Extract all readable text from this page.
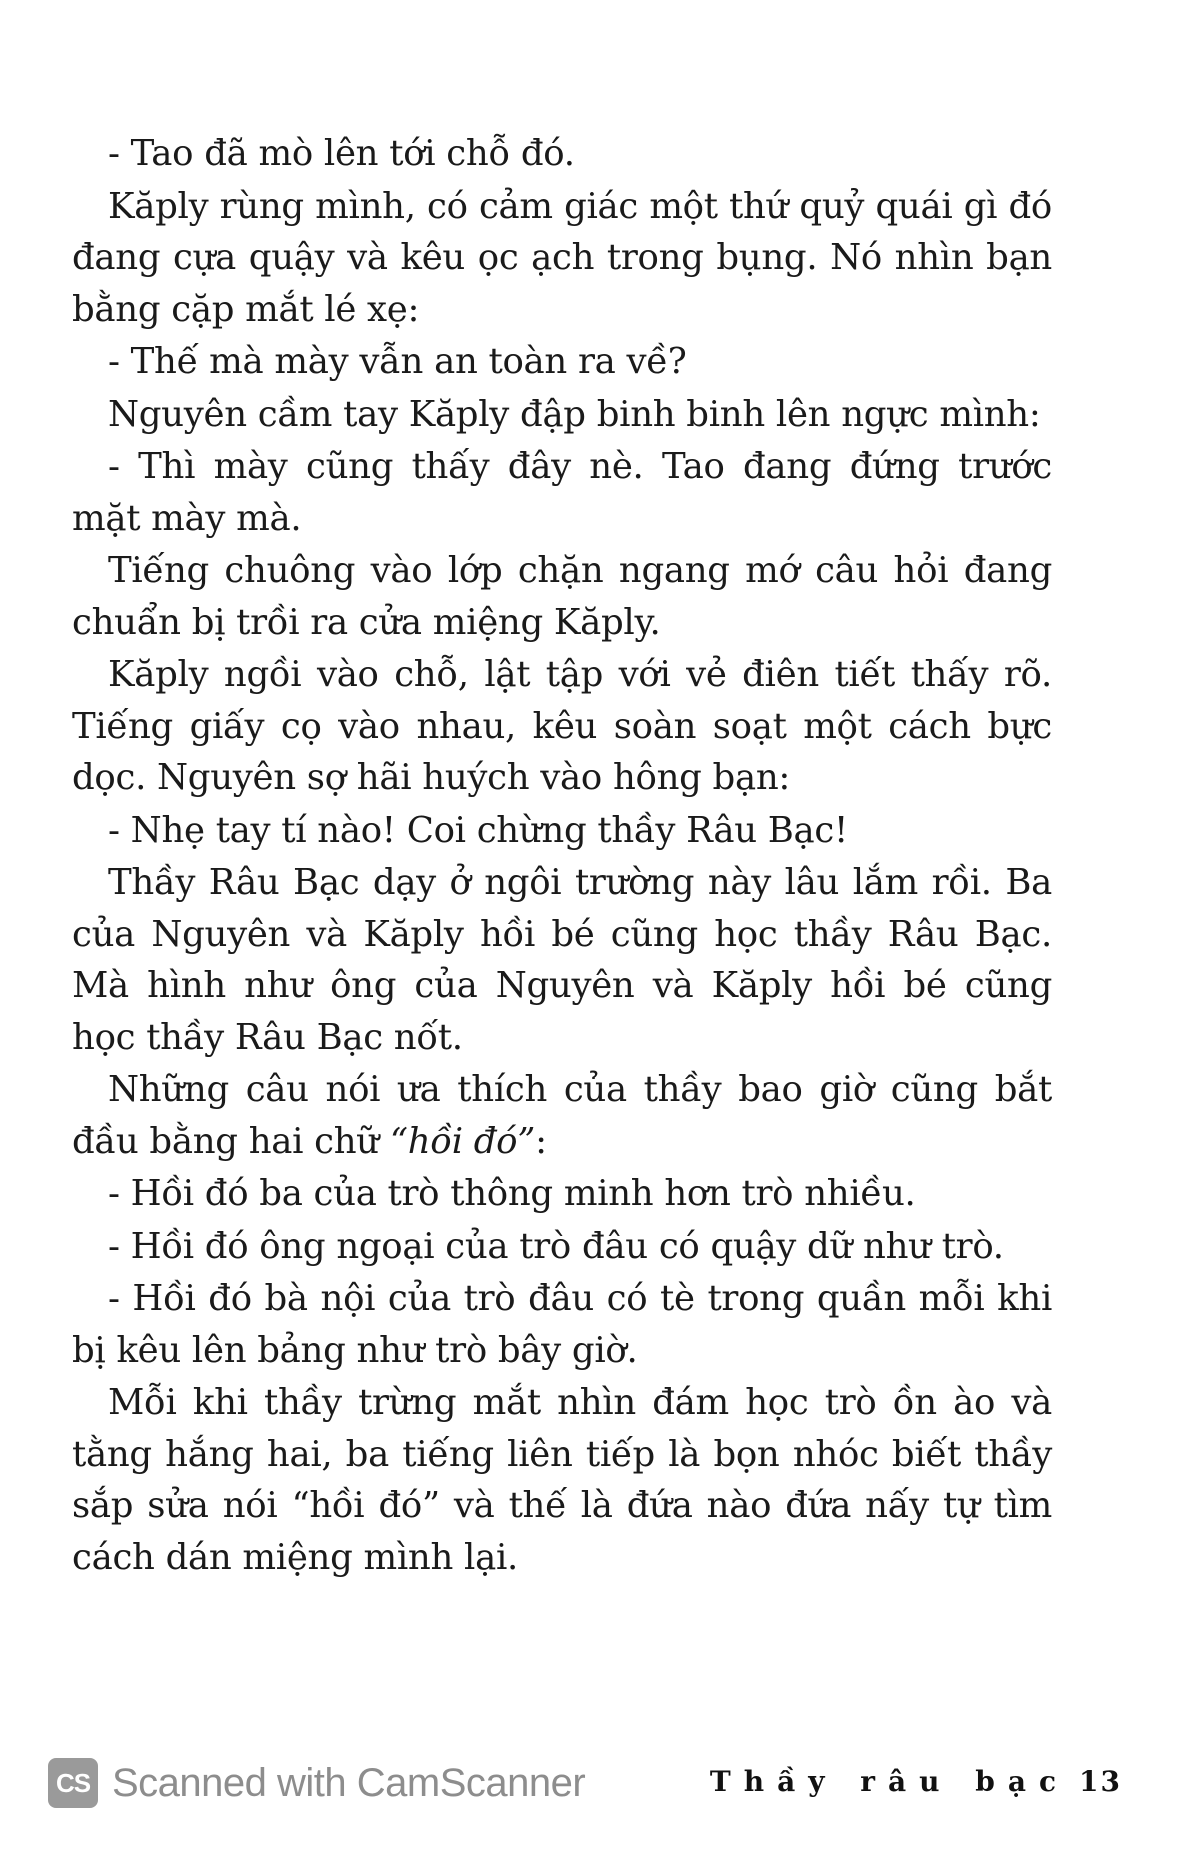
- Tao đã mò lên tới chỗ đó.

Kăply rùng mình, có cảm giác một thứ quỷ quái gì đó đang cựa quậy và kêu ọc ạch trong bụng. Nó nhìn bạn bằng cặp mắt lé xẹ:

- Thế mà mày vẫn an toàn ra về?

Nguyên cầm tay Kăply đập binh binh lên ngực mình:

- Thì mày cũng thấy đây nè. Tao đang đứng trước mặt mày mà.

Tiếng chuông vào lớp chặn ngang mớ câu hỏi đang chuẩn bị trồi ra cửa miệng Kăply.

Kăply ngồi vào chỗ, lật tập với vẻ điên tiết thấy rõ. Tiếng giấy cọ vào nhau, kêu soàn soạt một cách bực dọc. Nguyên sợ hãi huých vào hông bạn:

- Nhẹ tay tí nào! Coi chừng thầy Râu Bạc!

Thầy Râu Bạc dạy ở ngôi trường này lâu lắm rồi. Ba của Nguyên và Kăply hồi bé cũng học thầy Râu Bạc. Mà hình như ông của Nguyên và Kăply hồi bé cũng học thầy Râu Bạc nốt.

Những câu nói ưa thích của thầy bao giờ cũng bắt đầu bằng hai chữ “hồi đó”:

- Hồi đó ba của trò thông minh hơn trò nhiều.

- Hồi đó ông ngoại của trò đâu có quậy dữ như trò.

- Hồi đó bà nội của trò đâu có tè trong quần mỗi khi bị kêu lên bảng như trò bây giờ.

Mỗi khi thầy trừng mắt nhìn đám học trò ồn ào và tằng hắng hai, ba tiếng liên tiếp là bọn nhóc biết thầy sắp sửa nói “hồi đó” và thế là đứa nào đứa nấy tự tìm cách dán miệng mình lại.

CS Scanned with CamScanner	Thầy râu bạc 13
